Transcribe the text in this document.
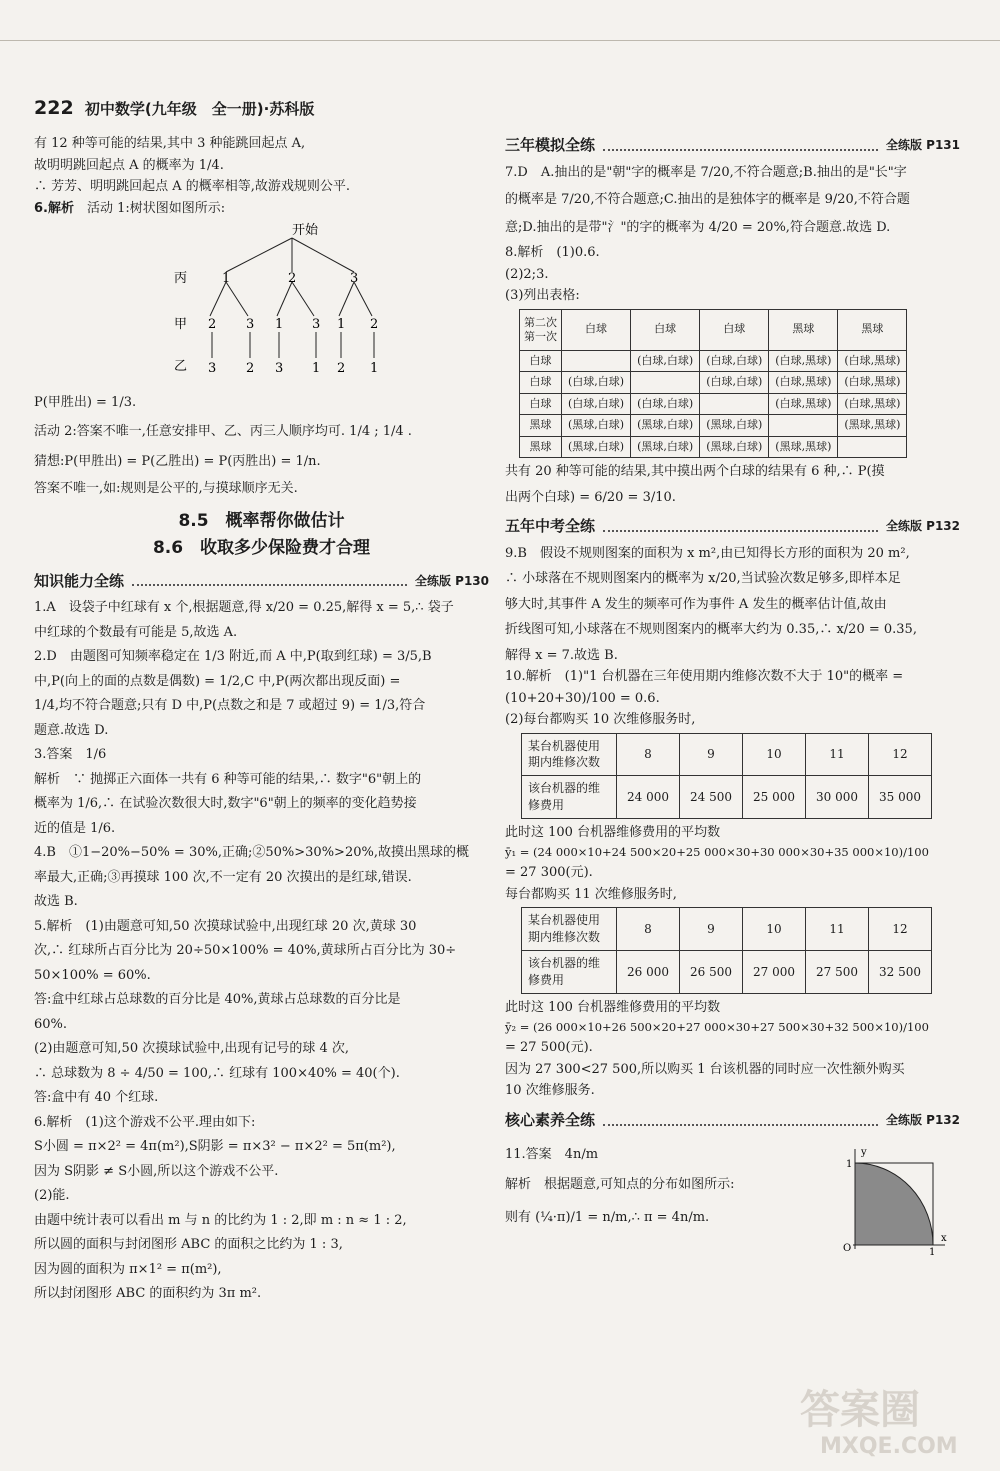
222 初中数学(九年级　全一册)·苏科版

有 12 种等可能的结果,其中 3 种能跳回起点 A,

故明明跳回起点 A 的概率为 1/4.

∴ 芳芳、明明跳回起点 A 的概率相等,故游戏规则公平.

6.解析　 活动 1:树状图如图所示:

开始
丙
甲
乙
1	2	3
2 3 1 3 1 2
3 2 3 1 2 1

P(甲胜出) = 1/3.

活动 2:答案不唯一,任意安排甲、乙、丙三人顺序均可. 1/4 ; 1/4 .

猜想:P(甲胜出) = P(乙胜出) = P(丙胜出) = 1/n.

答案不唯一,如:规则是公平的,与摸球顺序无关.

8.5　概率帮你做估计
8.6　收取多少保险费才合理
知识能力全练	全练版 P130

1.A　设袋子中红球有 x 个,根据题意,得 x/20 = 0.25,解得 x = 5,∴ 袋子

中红球的个数最有可能是 5,故选 A.

2.D　由题图可知频率稳定在 1/3 附近,而 A 中,P(取到红球) = 3/5,B

中,P(向上的面的点数是偶数) = 1/2,C 中,P(两次都出现反面) =

1/4,均不符合题意;只有 D 中,P(点数之和是 7 或超过 9) = 1/3,符合

题意.故选 D.

3.答案　1/6

解析　∵ 抛掷正六面体一共有 6 种等可能的结果,∴ 数字"6"朝上的

概率为 1/6,∴ 在试验次数很大时,数字"6"朝上的频率的变化趋势接

近的值是 1/6.

4.B　①1−20%−50% = 30%,正确;②50%>30%>20%,故摸出黑球的概

率最大,正确;③再摸球 100 次,不一定有 20 次摸出的是红球,错误.

故选 B.

5.解析　(1)由题意可知,50 次摸球试验中,出现红球 20 次,黄球 30

次,∴ 红球所占百分比为 20÷50×100% = 40%,黄球所占百分比为 30÷

50×100% = 60%.

答:盒中红球占总球数的百分比是 40%,黄球占总球数的百分比是

60%.

(2)由题意可知,50 次摸球试验中,出现有记号的球 4 次,

∴ 总球数为 8 ÷ 4/50 = 100,∴ 红球有 100×40% = 40(个).

答:盒中有 40 个红球.

6.解析　(1)这个游戏不公平.理由如下:

S小圆 = π×2² = 4π(m²),S阴影 = π×3² − π×2² = 5π(m²),

因为 S阴影 ≠ S小圆,所以这个游戏不公平.

(2)能.

由题中统计表可以看出 m 与 n 的比约为 1 : 2,即 m : n ≈ 1 : 2,

所以圆的面积与封闭图形 ABC 的面积之比约为 1 : 3,

因为圆的面积为 π×1² = π(m²),

所以封闭图形 ABC 的面积约为 3π m².

三年模拟全练	全练版 P131

7.D　A.抽出的是"朝"字的概率是 7/20,不符合题意;B.抽出的是"长"字

的概率是 7/20,不符合题意;C.抽出的是独体字的概率是 9/20,不符合题

意;D.抽出的是带"氵"的字的概率为 4/20 = 20%,符合题意.故选 D.

8.解析　(1)0.6.

(2)2;3.

(3)列出表格:

第二次
第一次	白球	白球	白球	黑球	黑球
白球		(白球,白球)	(白球,白球)	(白球,黑球)	(白球,黑球)
白球	(白球,白球)		(白球,白球)	(白球,黑球)	(白球,黑球)
白球	(白球,白球)	(白球,白球)		(白球,黑球)	(白球,黑球)
黑球	(黑球,白球)	(黑球,白球)	(黑球,白球)		(黑球,黑球)
黑球	(黑球,白球)	(黑球,白球)	(黑球,白球)	(黑球,黑球)	

共有 20 种等可能的结果,其中摸出两个白球的结果有 6 种,∴ P(摸

出两个白球) = 6/20 = 3/10.

五年中考全练	全练版 P132

9.B　假设不规则图案的面积为 x m²,由已知得长方形的面积为 20 m²,

∴ 小球落在不规则图案内的概率为 x/20,当试验次数足够多,即样本足

够大时,其事件 A 发生的频率可作为事件 A 发生的概率估计值,故由

折线图可知,小球落在不规则图案内的概率大约为 0.35,∴ x/20 = 0.35,

解得 x = 7.故选 B.

10.解析　(1)"1 台机器在三年使用期内维修次数不大于 10"的概率 =

(10+20+30)/100 = 0.6.

(2)每台都购买 10 次维修服务时,

某台机器使用期内维修次数	8	9	10	11	12
该台机器的维修费用	24 000	24 500	25 000	30 000	35 000

此时这 100 台机器维修费用的平均数

ȳ₁ = (24 000×10+24 500×20+25 000×30+30 000×30+35 000×10)/100

= 27 300(元).

每台都购买 11 次维修服务时,

某台机器使用期内维修次数	8	9	10	11	12
该台机器的维修费用	26 000	26 500	27 000	27 500	32 500

此时这 100 台机器维修费用的平均数

ȳ₂ = (26 000×10+26 500×20+27 000×30+27 500×30+32 500×10)/100

= 27 500(元).

因为 27 300<27 500,所以购买 1 台该机器的同时应一次性额外购买

10 次维修服务.

核心素养全练	全练版 P132

11.答案　4n/m

解析　根据题意,可知点的分布如图所示:

则有 (¼·π)/1 = n/m,∴ π = 4n/m.

y
x
O	1
1
答案圈
MXQE.COM
